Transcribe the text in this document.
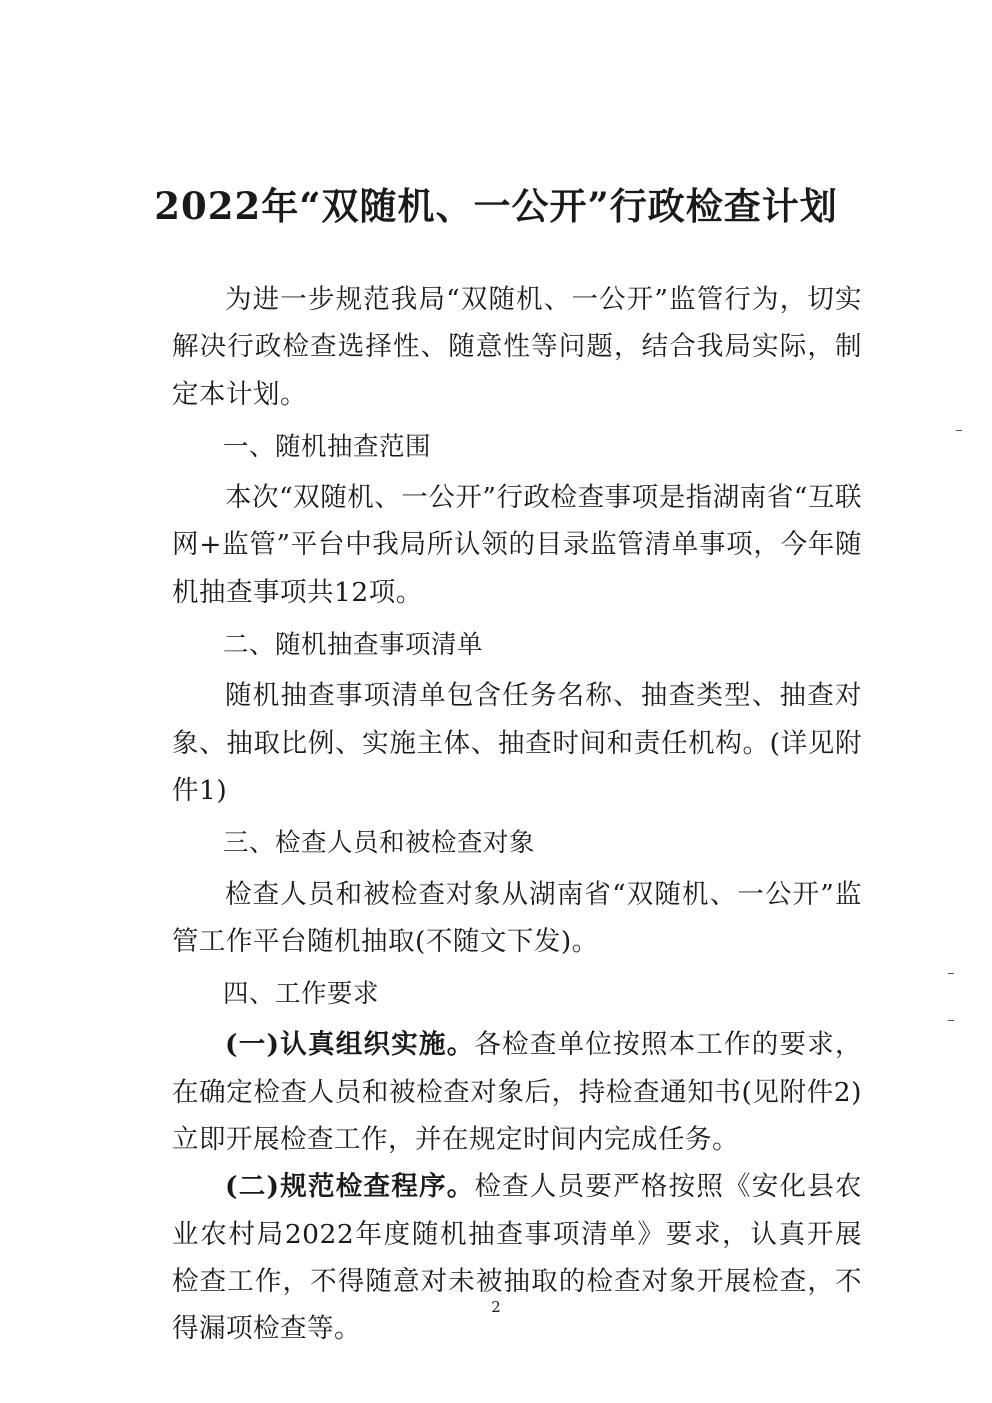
2022年“双随机、一公开”行政检查计划

为进一步规范我局“双随机、一公开”监管行为，切实解决行政检查选择性、随意性等问题，结合我局实际，制定本计划。

一、随机抽查范围

本次“双随机、一公开”行政检查事项是指湖南省“互联网+监管”平台中我局所认领的目录监管清单事项，今年随机抽查事项共12项。

二、随机抽查事项清单

随机抽查事项清单包含任务名称、抽查类型、抽查对象、抽取比例、实施主体、抽查时间和责任机构。(详见附件1)

三、检查人员和被检查对象

检查人员和被检查对象从湖南省“双随机、一公开”监管工作平台随机抽取(不随文下发)。

四、工作要求

(一)认真组织实施。各检查单位按照本工作的要求，在确定检查人员和被检查对象后，持检查通知书(见附件2)立即开展检查工作，并在规定时间内完成任务。

(二)规范检查程序。检查人员要严格按照《安化县农业农村局2022年度随机抽查事项清单》要求，认真开展检查工作，不得随意对未被抽取的检查对象开展检查，不得漏项检查等。

2
